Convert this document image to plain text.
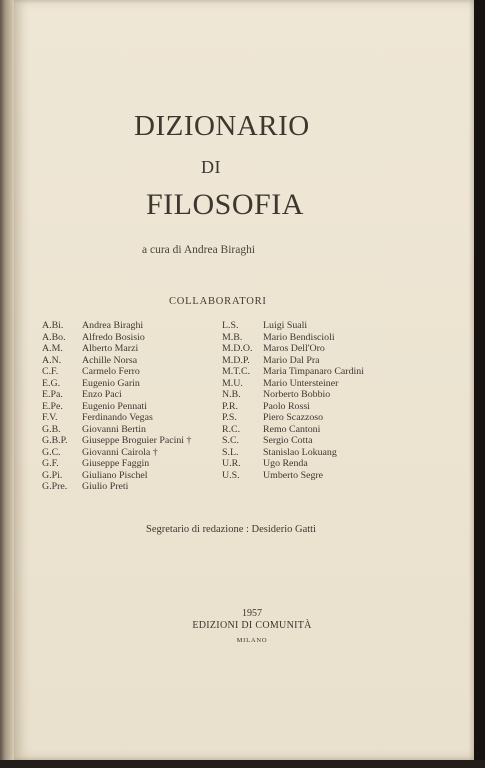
DIZIONARIO
DI
FILOSOFIA
a cura di Andrea Biraghi
COLLABORATORI
A.Bi. Andrea Biraghi
A.Bo. Alfredo Bosisio
A.M. Alberto Marzi
A.N. Achille Norsa
C.F. Carmelo Ferro
E.G. Eugenio Garin
E.Pa. Enzo Paci
E.Pe. Eugenio Pennati
F.V. Ferdinando Vegas
G.B. Giovanni Bertin
G.B.P. Giuseppe Broguier Pacini †
G.C. Giovanni Cairola †
G.F. Giuseppe Faggin
G.Pi. Giuliano Pischel
G.Pre. Giulio Preti
L.S. Luigi Suali
M.B. Mario Bendiscioli
M.D.O. Maros Dell'Oro
M.D.P. Mario Dal Pra
M.T.C. Maria Timpanaro Cardini
M.U. Mario Untersteiner
N.B. Norberto Bobbio
P.R.	Paolo Rossi
P.S.	Piero Scazzoso
R.C. Remo Cantoni
S.C. Sergio Cotta
S.L. Stanislao Lokuang
U.R. Ugo Renda
U.S. Umberto Segre
Segretario di redazione : Desiderio Gatti
1957
EDIZIONI DI COMUNITÀ
MILANO
